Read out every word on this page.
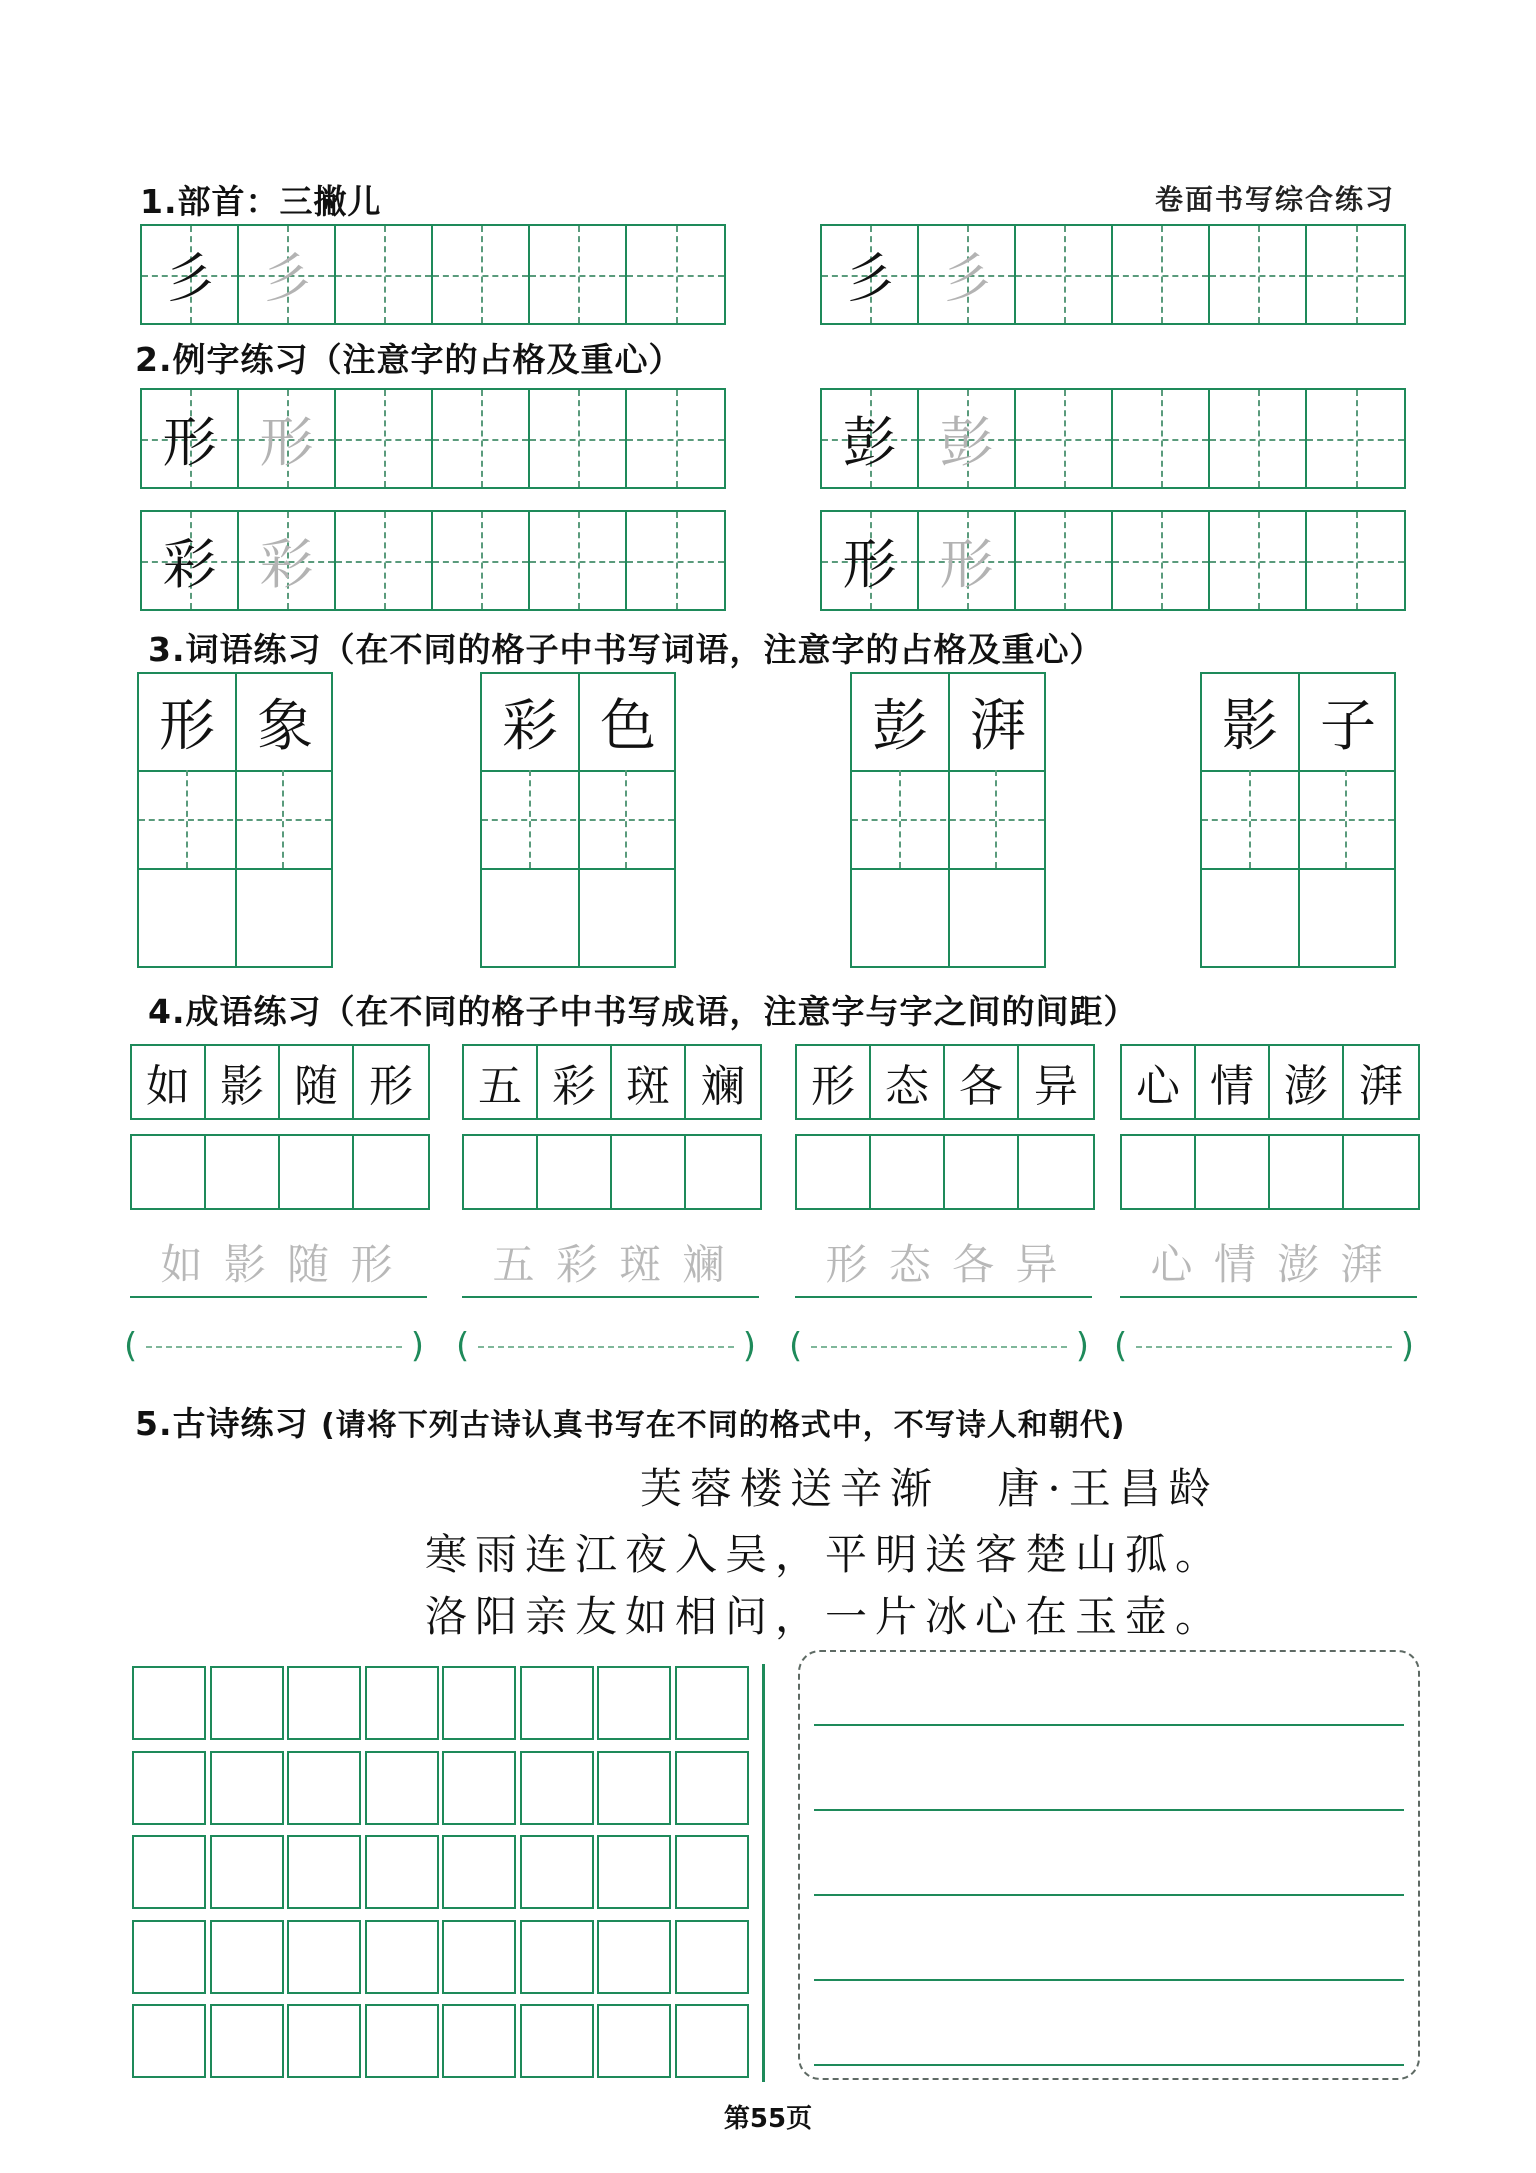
卷面书写综合练习
1.部首：三撇儿
彡 彡	彡 彡
2.例字练习（注意字的占格及重心）
形 形	彭 彭
彩 彩	形 形
3.词语练习（在不同的格子中书写词语，注意字的占格及重心）
形 象	彩 色	彭 湃	影 子
4.成语练习（在不同的格子中书写成语，注意字与字之间的间距）
如 影 随 形
如 影 随 形
(	)
五 彩 斑 斓
五 彩 斑 斓
(	)
形 态 各 异
形 态 各 异
(	)
心 情 澎 湃
心 情 澎 湃
(	)
5.古诗练习 (请将下列古诗认真书写在不同的格式中，不写诗人和朝代)
芙蓉楼送辛渐 唐·王昌龄
寒雨连江夜入吴，平明送客楚山孤。
洛阳亲友如相问，一片冰心在玉壶。
第55页
